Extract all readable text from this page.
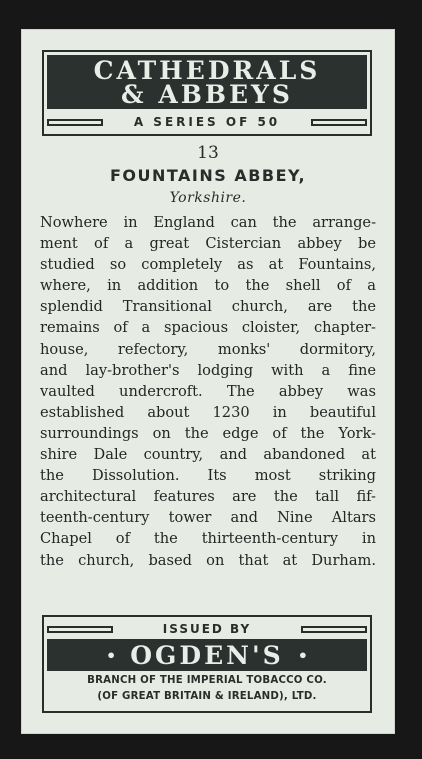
CATHEDRALS
& ABBEYS
A SERIES OF 50
13
FOUNTAINS ABBEY,
Yorkshire.
Nowhere in England can the arrange-
ment of a great Cistercian abbey be
studied so completely as at Fountains,
where, in addition to the shell of a
splendid Transitional church, are the
remains of a spacious cloister, chapter-
house, refectory, monks' dormitory,
and lay-brother's lodging with a fine
vaulted undercroft. The abbey was
established about 1230 in beautiful
surroundings on the edge of the York-
shire Dale country, and abandoned at
the Dissolution. Its most striking
architectural features are the tall fif-
teenth-century tower and Nine Altars
Chapel of the thirteenth-century in
the church, based on that at Durham.
ISSUED BY
• OGDEN'S •
BRANCH OF THE IMPERIAL TOBACCO CO.
(OF GREAT BRITAIN & IRELAND), LTD.
